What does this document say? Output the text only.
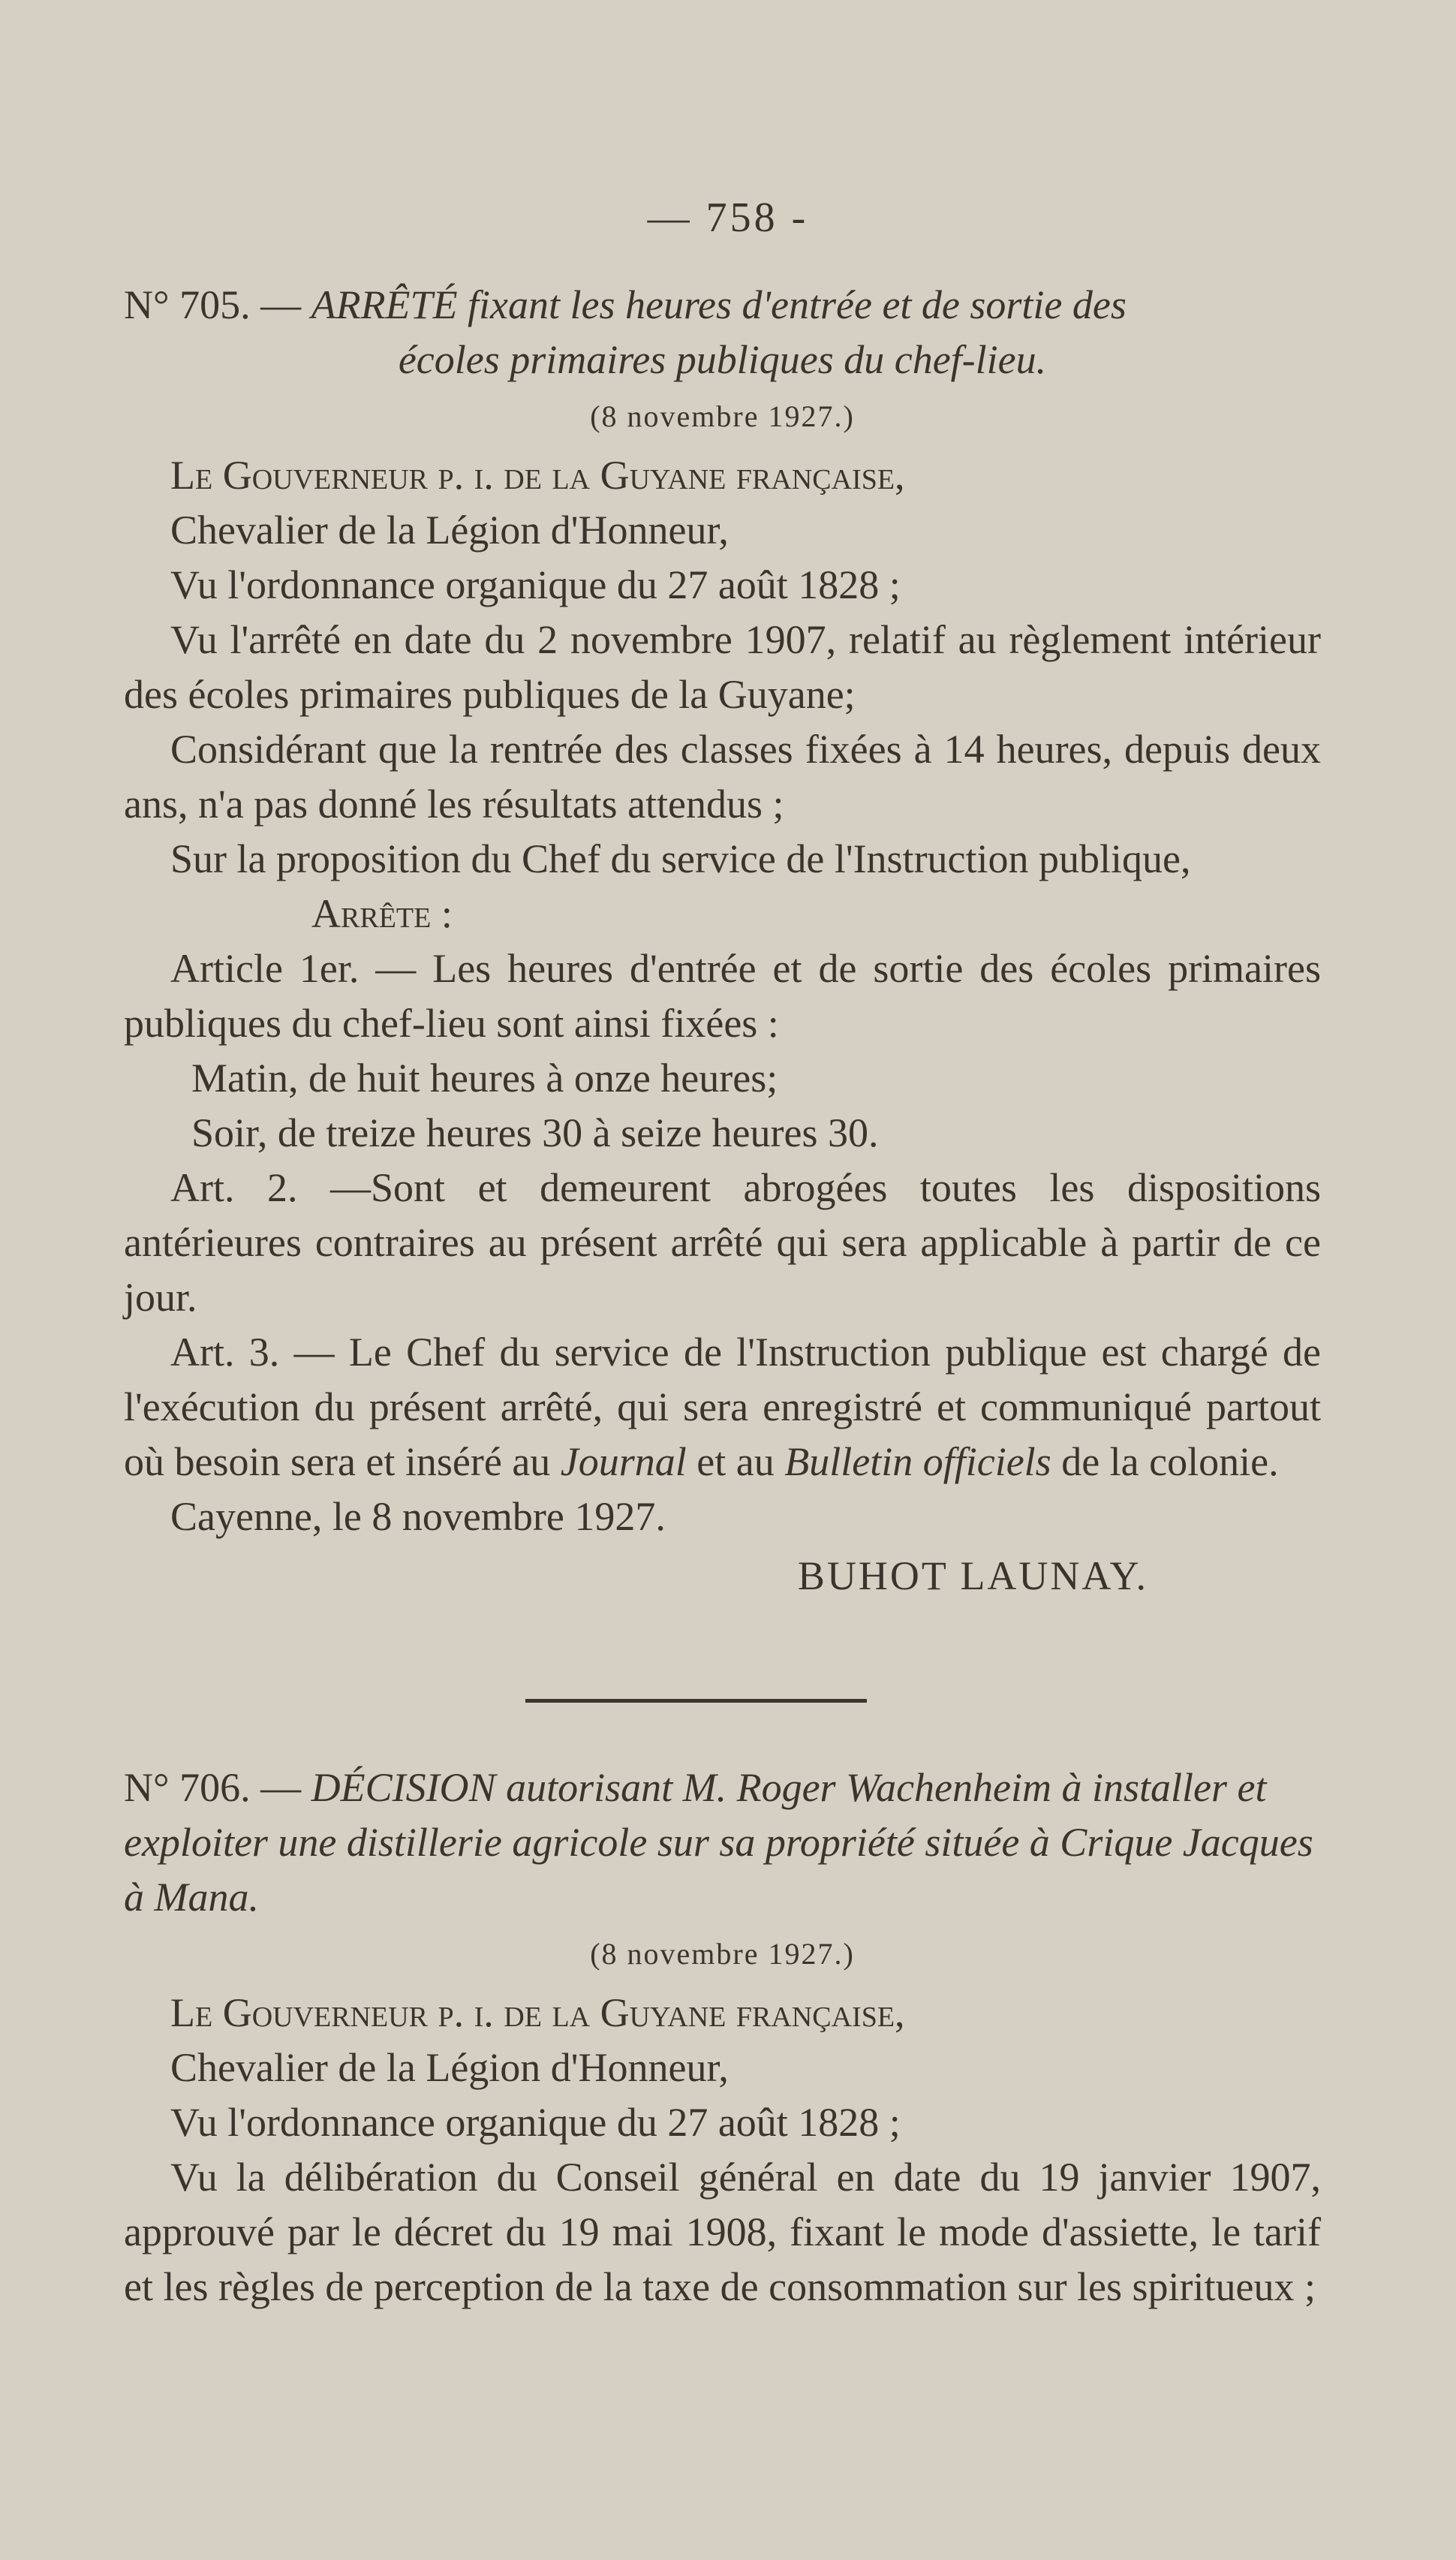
— 758 -

N° 705. — ARRÊTÉ fixant les heures d'entrée et de sortie des

écoles primaires publiques du chef-lieu.

(8 novembre 1927.)

Le Gouverneur p. i. de la Guyane française,

Chevalier de la Légion d'Honneur,

Vu l'ordonnance organique du 27 août 1828 ;

Vu l'arrêté en date du 2 novembre 1907, relatif au règlement intérieur des écoles primaires publiques de la Guyane;

Considérant que la rentrée des classes fixées à 14 heures, depuis deux ans, n'a pas donné les résultats attendus ;

Sur la proposition du Chef du service de l'Instruction publique,

Arrête :

Article 1er. — Les heures d'entrée et de sortie des écoles primaires publiques du chef-lieu sont ainsi fixées :

Matin, de huit heures à onze heures;

Soir, de treize heures 30 à seize heures 30.

Art. 2. —Sont et demeurent abrogées toutes les dispositions antérieures contraires au présent arrêté qui sera applicable à partir de ce jour.

Art. 3. — Le Chef du service de l'Instruction publique est chargé de l'exécution du présent arrêté, qui sera enregistré et communiqué partout où besoin sera et inséré au Journal et au Bulletin officiels de la colonie.

Cayenne, le 8 novembre 1927.

BUHOT LAUNAY.

N° 706. — DÉCISION autorisant M. Roger Wachenheim à installer et exploiter une distillerie agricole sur sa propriété située à Crique Jacques à Mana.

(8 novembre 1927.)

Le Gouverneur p. i. de la Guyane française,

Chevalier de la Légion d'Honneur,

Vu l'ordonnance organique du 27 août 1828 ;

Vu la délibération du Conseil général en date du 19 janvier 1907, approuvé par le décret du 19 mai 1908, fixant le mode d'assiette, le tarif et les règles de perception de la taxe de consommation sur les spiritueux ;
